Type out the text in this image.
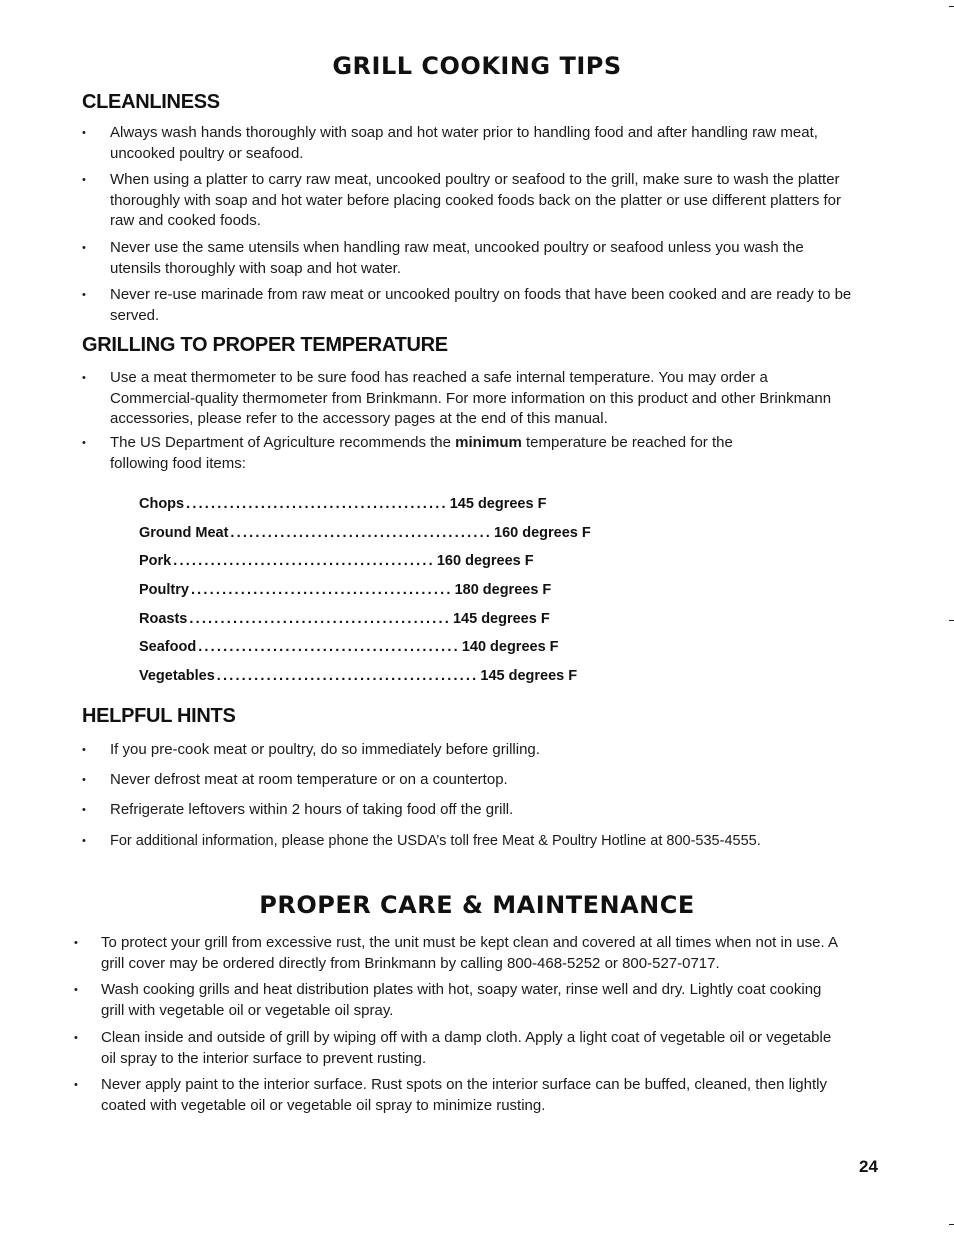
GRILL COOKING TIPS
CLEANLINESS
• Always wash hands thoroughly with soap and hot water prior to handling food and after handling raw meat, uncooked poultry or seafood.
• When using a platter to carry raw meat, uncooked poultry or seafood to the grill, make sure to wash the platter thoroughly with soap and hot water before placing cooked foods back on the platter or use different platters for raw and cooked foods.
• Never use the same utensils when handling raw meat, uncooked poultry or seafood unless you wash the utensils thoroughly with soap and hot water.
• Never re-use marinade from raw meat or uncooked poultry on foods that have been cooked and are ready to be served.
GRILLING TO PROPER TEMPERATURE
• Use a meat thermometer to be sure food has reached a safe internal temperature. You may order a Commercial-quality thermometer from Brinkmann. For more information on this product and other Brinkmann accessories, please refer to the accessory pages at the end of this manual.
• The US Department of Agriculture recommends the minimum temperature be reached for the following food items:
Chops .......................................... 145 degrees F
Ground Meat .......................................... 160 degrees F
Pork .......................................... 160 degrees F
Poultry .......................................... 180 degrees F
Roasts .......................................... 145 degrees F
Seafood .......................................... 140 degrees F
Vegetables .......................................... 145 degrees F
HELPFUL HINTS
• If you pre-cook meat or poultry, do so immediately before grilling.
• Never defrost meat at room temperature or on a countertop.
• Refrigerate leftovers within 2 hours of taking food off the grill.
• For additional information, please phone the USDA’s toll free Meat & Poultry Hotline at 800-535-4555.
PROPER CARE & MAINTENANCE
• To protect your grill from excessive rust, the unit must be kept clean and covered at all times when not in use. A grill cover may be ordered directly from Brinkmann by calling 800-468-5252 or 800-527-0717.
• Wash cooking grills and heat distribution plates with hot, soapy water, rinse well and dry. Lightly coat cooking grill with vegetable oil or vegetable oil spray.
• Clean inside and outside of grill by wiping off with a damp cloth. Apply a light coat of vegetable oil or vegetable oil spray to the interior surface to prevent rusting.
• Never apply paint to the interior surface. Rust spots on the interior surface can be buffed, cleaned, then lightly coated with vegetable oil or vegetable oil spray to minimize rusting.
24
